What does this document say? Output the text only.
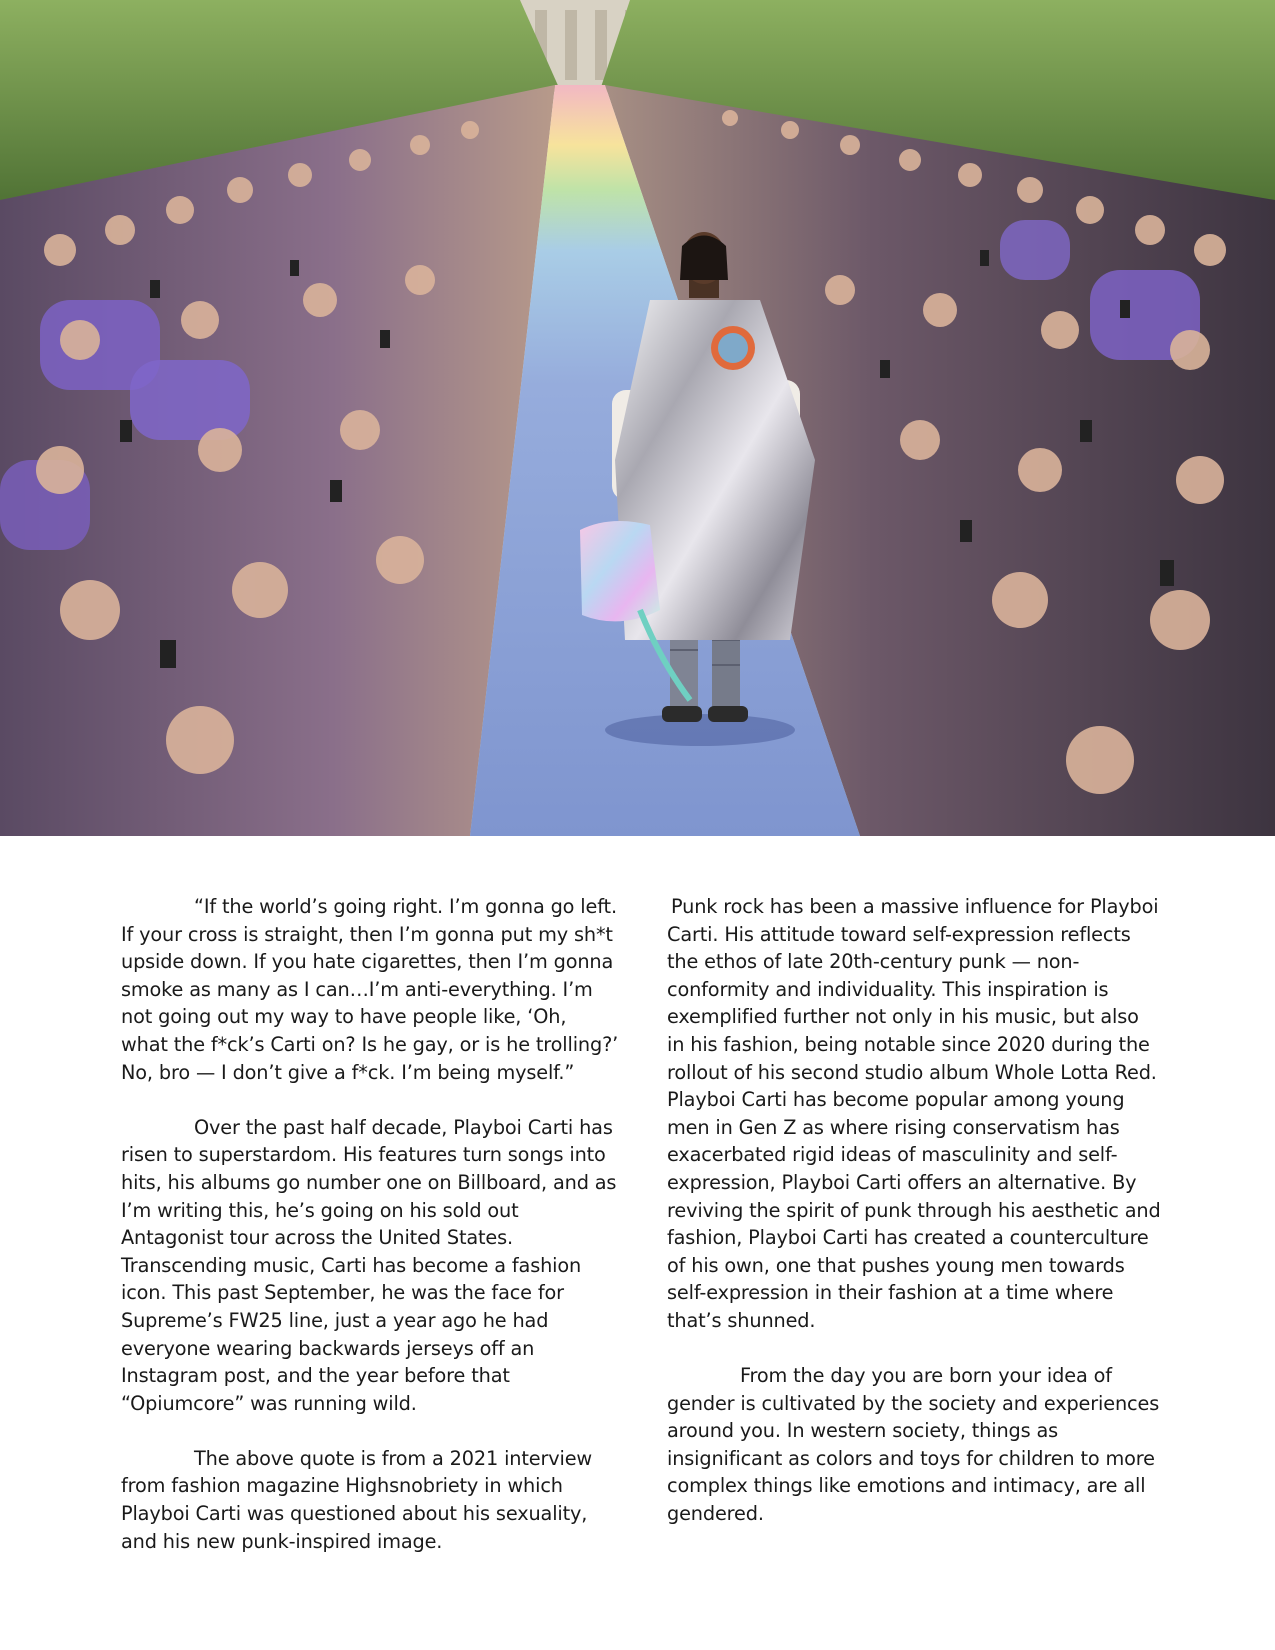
“If the world’s going right. I’m gonna go left. If your cross is straight, then I’m gonna put my sh*t upside down. If you hate cigarettes, then I’m gonna smoke as many as I can…I’m anti-everything. I’m not going out my way to have people like, ‘Oh, what the f*ck’s Carti on? Is he gay, or is he trolling?’ No, bro — I don’t give a f*ck. I’m being myself.”

Over the past half decade, Playboi Carti has risen to superstardom. His features turn songs into hits, his albums go number one on Billboard, and as I’m writing this, he’s going on his sold out Antagonist tour across the United States. Transcending music, Carti has become a fashion icon. This past September, he was the face for Supreme’s FW25 line, just a year ago he had everyone wearing backwards jerseys off an Instagram post, and the year before that “Opiumcore” was running wild.

The above quote is from a 2021 interview from fashion magazine Highsnobriety in which Playboi Carti was questioned about his sexuality, and his new punk-inspired image.

Punk rock has been a massive influence for Playboi Carti. His attitude toward self-expression reflects the ethos of late 20th-century punk — non-conformity and individuality. This inspiration is exemplified further not only in his music, but also in his fashion, being notable since 2020 during the rollout of his second studio album Whole Lotta Red. Playboi Carti has become popular among young men in Gen Z as where rising conservatism has exacerbated rigid ideas of masculinity and self-expression, Playboi Carti offers an alternative. By reviving the spirit of punk through his aesthetic and fashion, Playboi Carti has created a counterculture of his own, one that pushes young men towards self-expression in their fashion at a time where that’s shunned.

From the day you are born your idea of gender is cultivated by the society and experiences around you. In western society, things as insignificant as colors and toys for children to more complex things like emotions and intimacy, are all gendered.
